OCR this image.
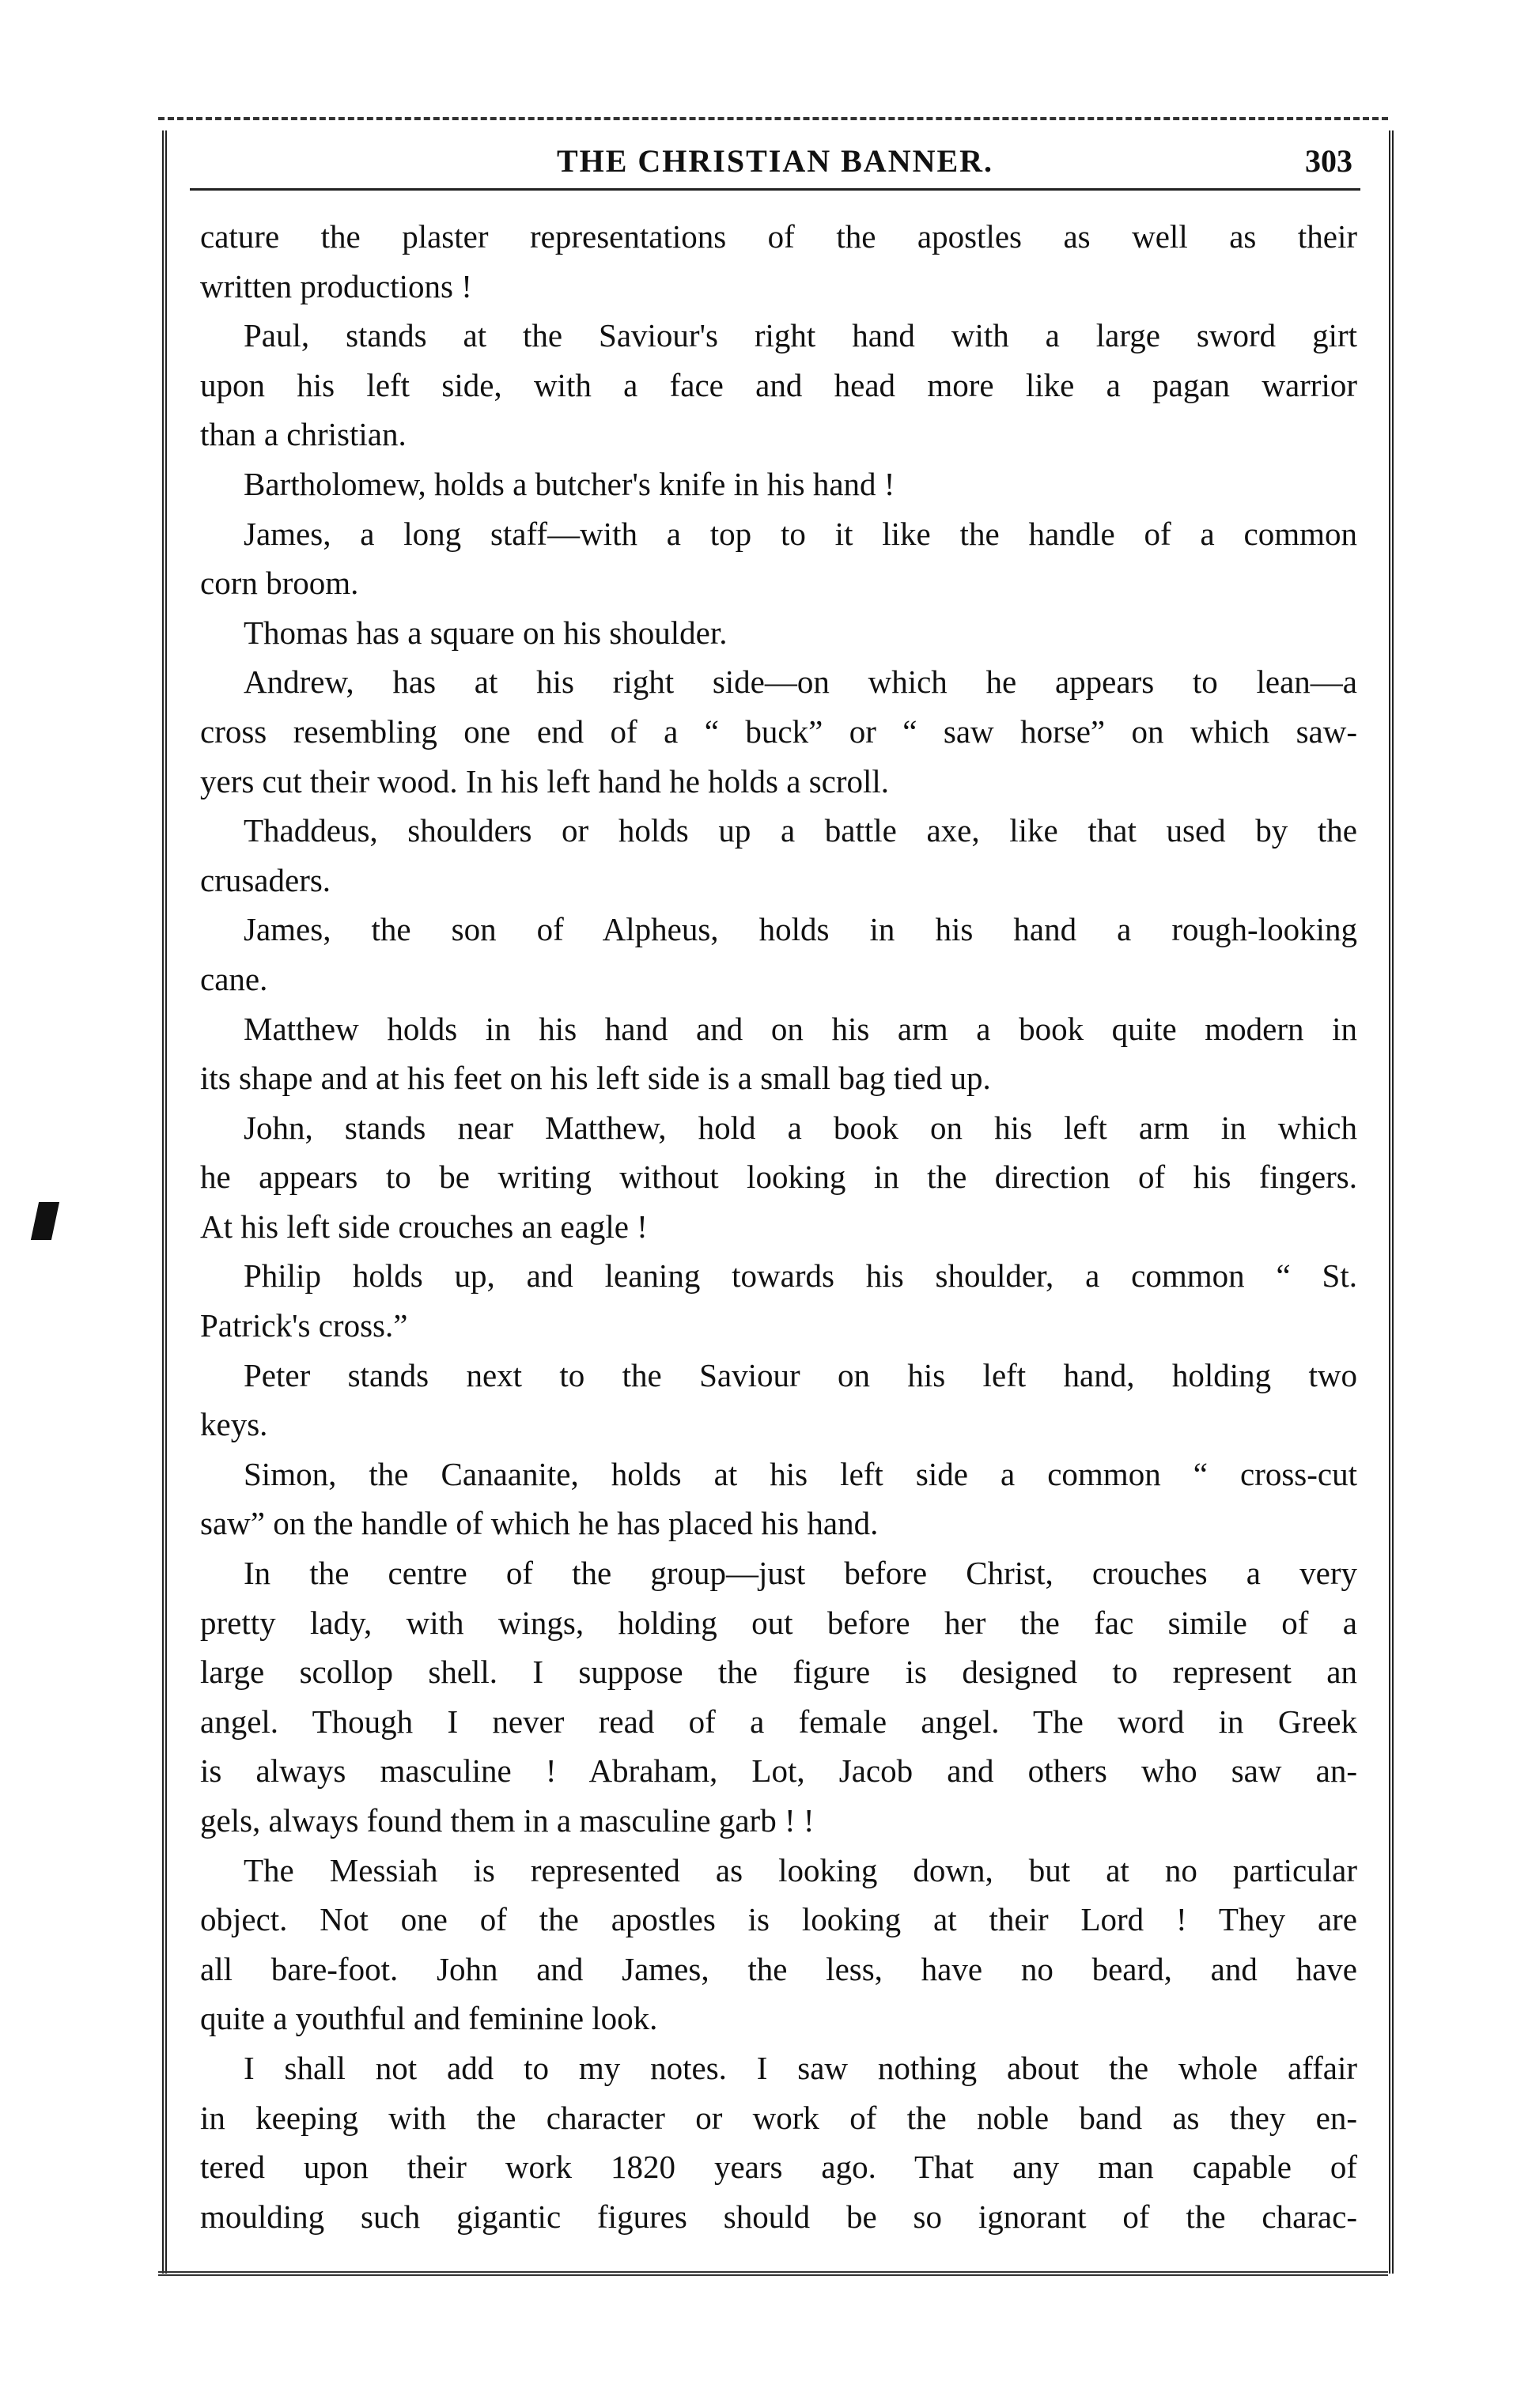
THE CHRISTIAN BANNER.	303
cature the plaster representations of the apostles as well as their
written productions !
Paul, stands at the Saviour's right hand with a large sword girt
upon his left side, with a face and head more like a pagan warrior
than a christian.
Bartholomew, holds a butcher's knife in his hand !
James, a long staff—with a top to it like the handle of a common
corn broom.
Thomas has a square on his shoulder.
Andrew, has at his right side—on which he appears to lean—a
cross resembling one end of a “ buck” or “ saw horse” on which saw-
yers cut their wood. In his left hand he holds a scroll.
Thaddeus, shoulders or holds up a battle axe, like that used by the
crusaders.
James, the son of Alpheus, holds in his hand a rough-looking
cane.
Matthew holds in his hand and on his arm a book quite modern in
its shape and at his feet on his left side is a small bag tied up.
John, stands near Matthew, hold a book on his left arm in which
he appears to be writing without looking in the direction of his fingers.
At his left side crouches an eagle !
Philip holds up, and leaning towards his shoulder, a common “ St.
Patrick's cross.”
Peter stands next to the Saviour on his left hand, holding two
keys.
Simon, the Canaanite, holds at his left side a common “ cross-cut
saw” on the handle of which he has placed his hand.
In the centre of the group—just before Christ, crouches a very
pretty lady, with wings, holding out before her the fac simile of a
large scollop shell. I suppose the figure is designed to represent an
angel. Though I never read of a female angel. The word in Greek
is always masculine ! Abraham, Lot, Jacob and others who saw an-
gels, always found them in a masculine garb ! !
The Messiah is represented as looking down, but at no particular
object. Not one of the apostles is looking at their Lord ! They are
all bare-foot. John and James, the less, have no beard, and have
quite a youthful and feminine look.
I shall not add to my notes. I saw nothing about the whole affair
in keeping with the character or work of the noble band as they en-
tered upon their work 1820 years ago. That any man capable of
moulding such gigantic figures should be so ignorant of the charac-
